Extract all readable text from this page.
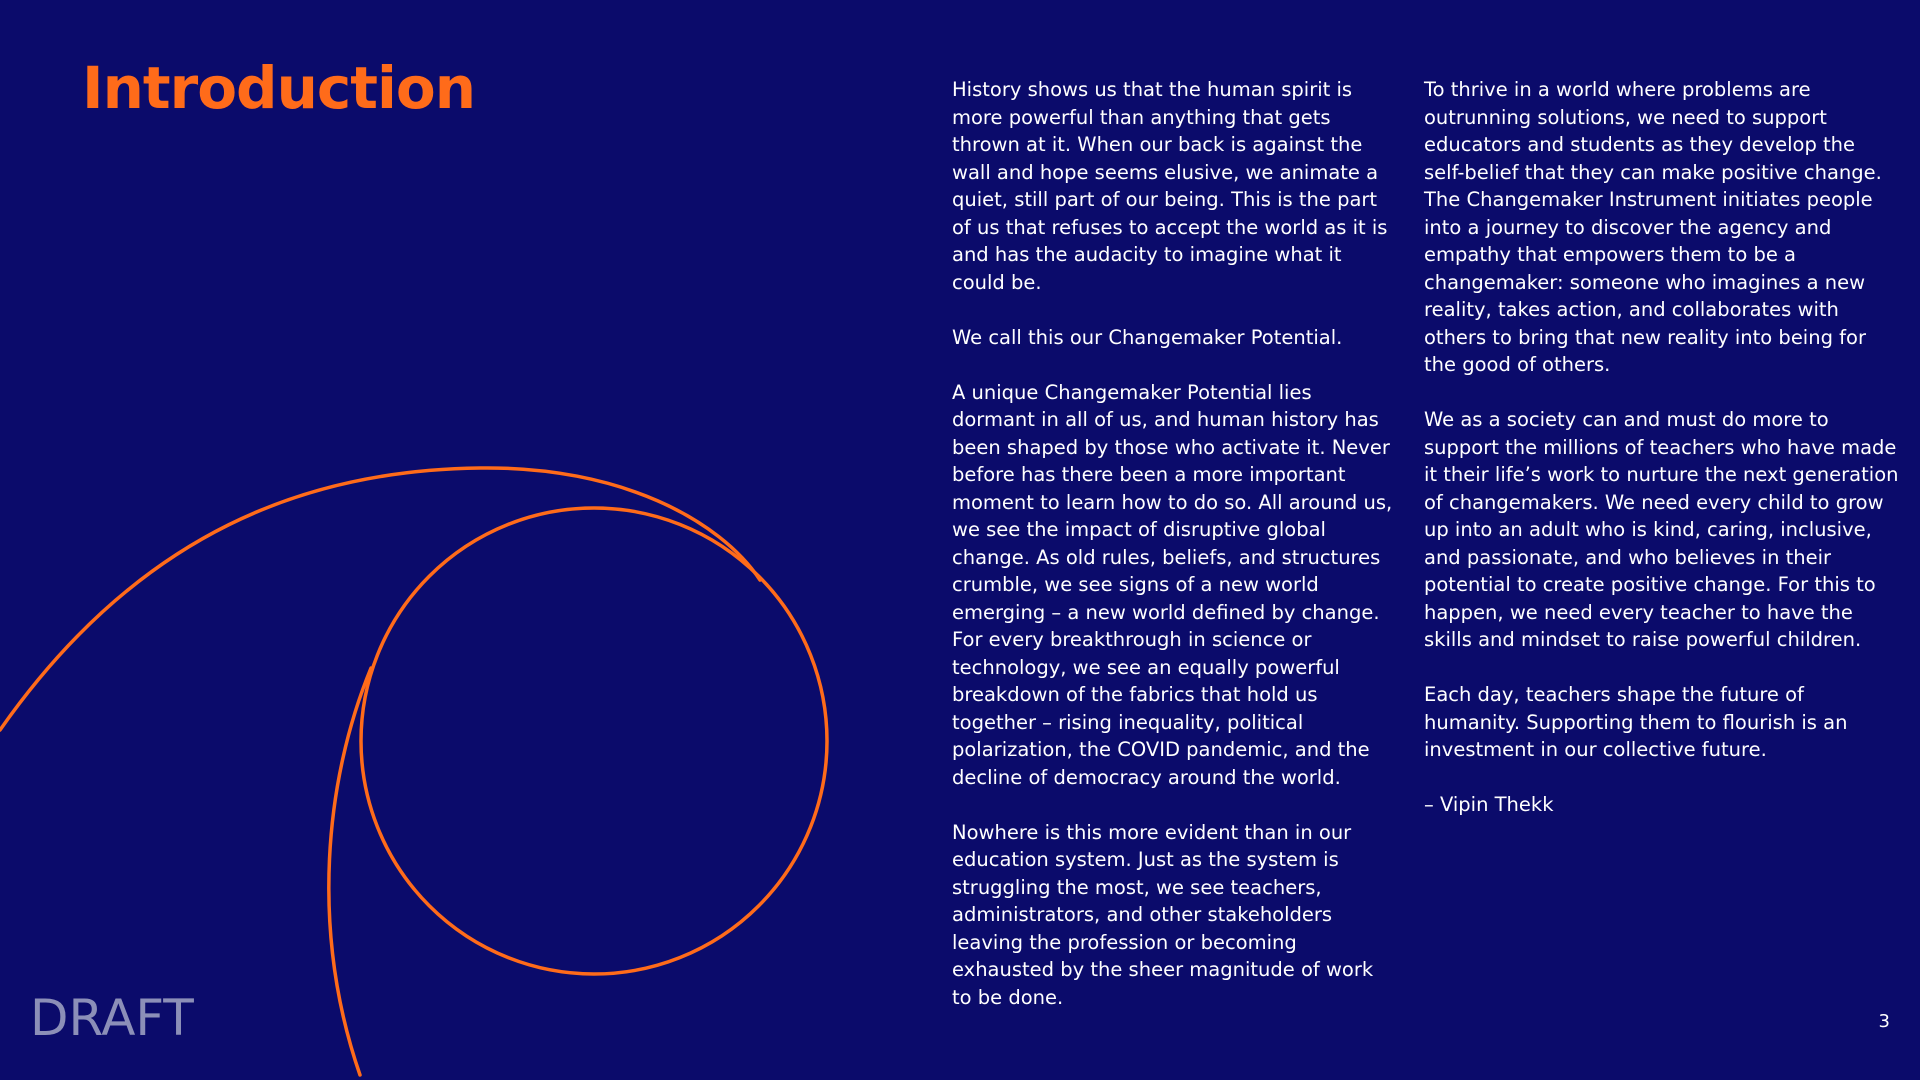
Introduction	History shows us that the human spirit is more powerful than anything that gets thrown at it. When our back is against the wall and hope seems elusive, we animate a quiet, still part of our being. This is the part of us that refuses to accept the world as it is and has the audacity to imagine what it could be.

We call this our Changemaker Potential.

A unique Changemaker Potential lies dormant in all of us, and human history has been shaped by those who activate it. Never before has there been a more important moment to learn how to do so. All around us, we see the impact of disruptive global change. As old rules, beliefs, and structures crumble, we see signs of a new world emerging – a new world defined by change. For every breakthrough in science or technology, we see an equally powerful breakdown of the fabrics that hold us together – rising inequality, political polarization, the COVID pandemic, and the decline of democracy around the world.

Nowhere is this more evident than in our education system. Just as the system is struggling the most, we see teachers, administrators, and other stakeholders leaving the profession or becoming exhausted by the sheer magnitude of work to be done.

To thrive in a world where problems are outrunning solutions, we need to support educators and students as they develop the self-belief that they can make positive change. The Changemaker Instrument initiates people into a journey to discover the agency and empathy that empowers them to be a changemaker: someone who imagines a new reality, takes action, and collaborates with others to bring that new reality into being for the good of others.

We as a society can and must do more to support the millions of teachers who have made it their life’s work to nurture the next generation of changemakers. We need every child to grow up into an adult who is kind, caring, inclusive, and passionate, and who believes in their potential to create positive change. For this to happen, we need every teacher to have the skills and mindset to raise powerful children.

Each day, teachers shape the future of humanity. Supporting them to flourish is an investment in our collective future.

– Vipin Thekk

DRAFT	3
